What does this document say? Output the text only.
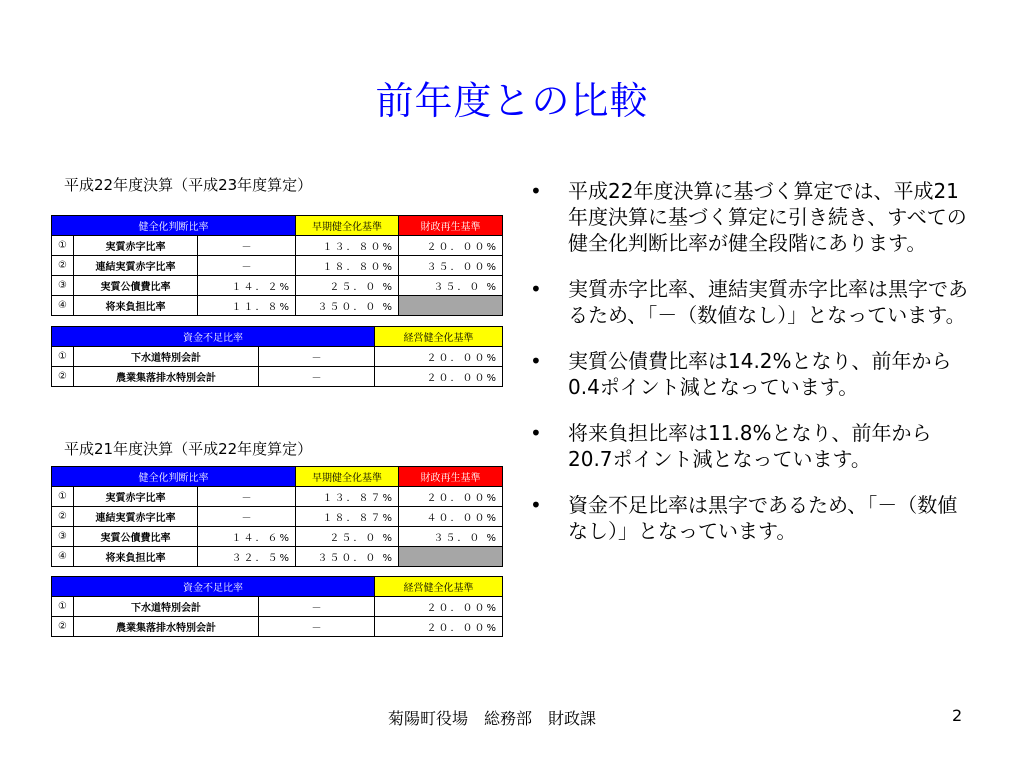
前年度との比較
平成22年度決算（平成23年度算定）
健全化判断比率			早期健全化基準	財政再生基準
①	実質赤字比率	－	１３．８０%	２０．００%
②	連結実質赤字比率	－	１８．８０%	３５．００%
③	実質公債費比率	１４．２%	２５．０ %	３５．０ %
④	将来負担比率	１１．８%	３５０．０ %	
資金不足比率			経営健全化基準
①	下水道特別会計	－	２０．００%
②	農業集落排水特別会計	－	２０．００%
平成21年度決算（平成22年度算定）
健全化判断比率			早期健全化基準	財政再生基準
①	実質赤字比率	－	１３．８７%	２０．００%
②	連結実質赤字比率	－	１８．８７%	４０．００%
③	実質公債費比率	１４．６%	２５．０ %	３５．０ %
④	将来負担比率	３２．５%	３５０．０ %	
資金不足比率			経営健全化基準
①	下水道特別会計	－	２０．００%
②	農業集落排水特別会計	－	２０．００%
•	平成22年度決算に基づく算定では、平成21年度決算に基づく算定に引き続き、すべての健全化判断比率が健全段階にあります。
•	実質赤字比率、連結実質赤字比率は黒字であるため、「－（数値なし）」となっています。
•	実質公債費比率は14.2%となり、前年から0.4ポイント減となっています。
•	将来負担比率は11.8%となり、前年から20.7ポイント減となっています。
•	資金不足比率は黒字であるため、「－（数値なし）」となっています。
菊陽町役場　総務部　財政課	2
